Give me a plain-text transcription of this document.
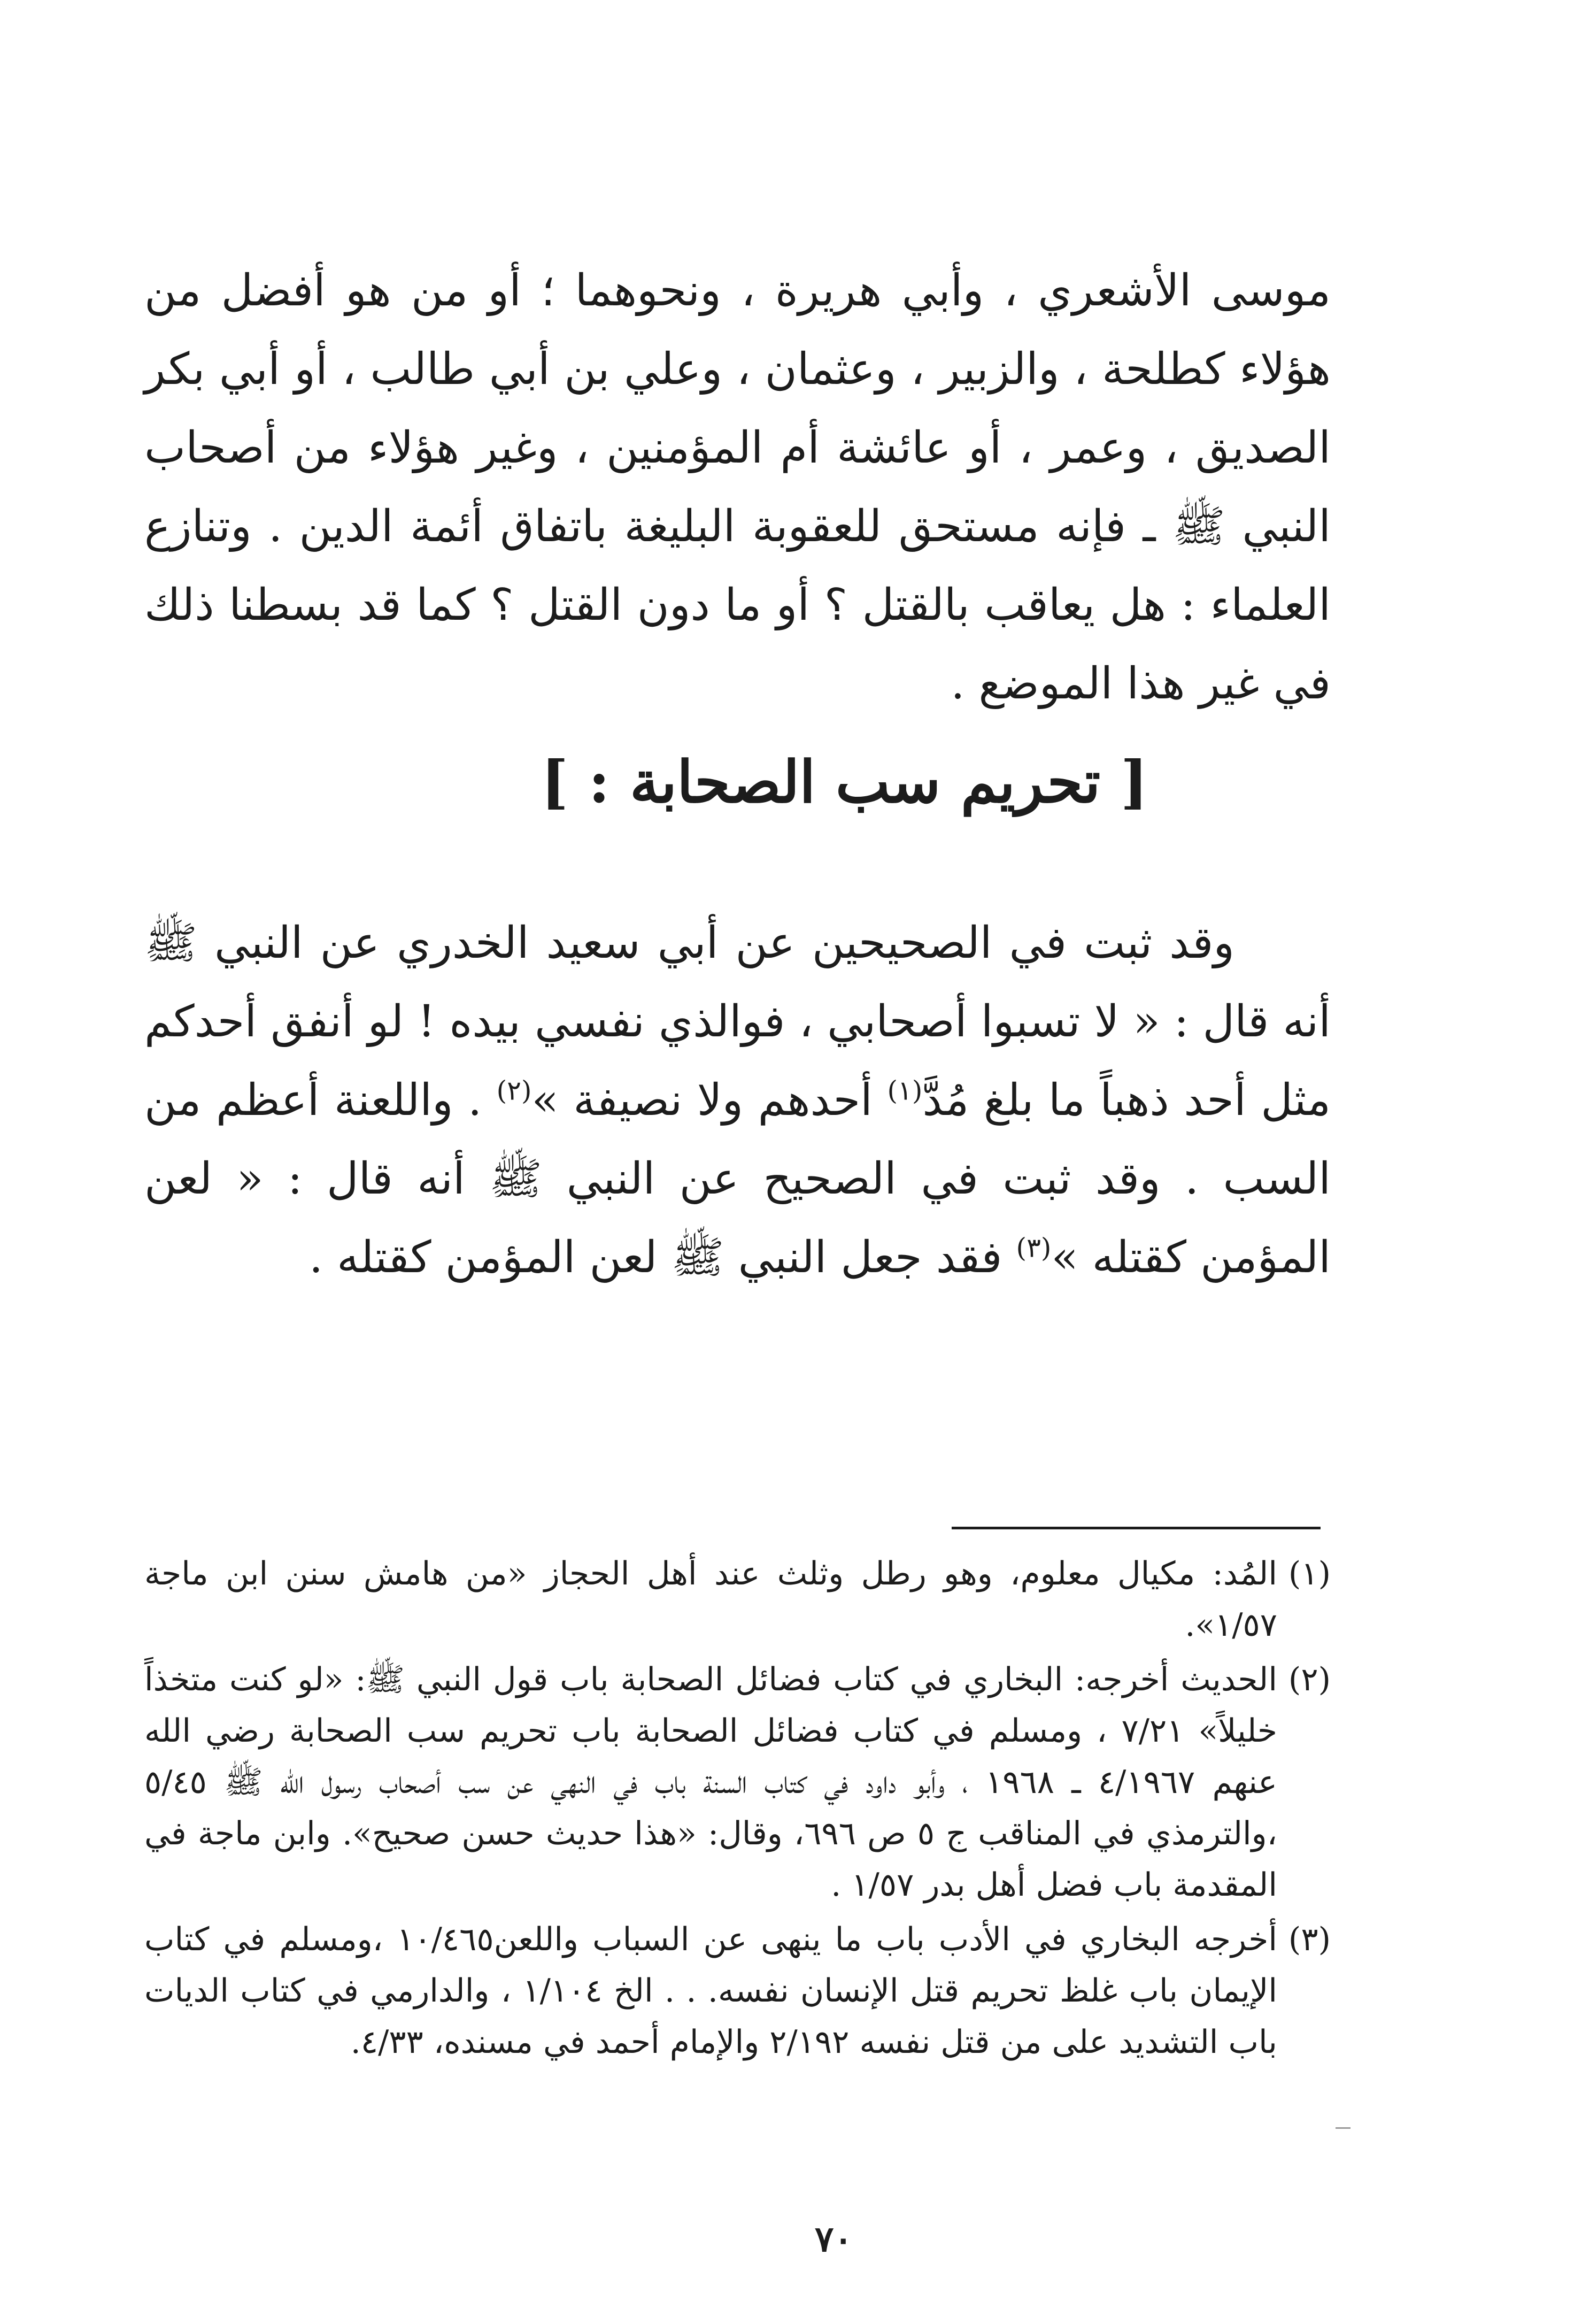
موسى الأشعري ، وأبي هريرة ، ونحوهما ؛ أو من هو أفضل من هؤلاء كطلحة ، والزبير ، وعثمان ، وعلي بن أبي طالب ، أو أبي بكر الصديق ، وعمر ، أو عائشة أم المؤمنين ، وغير هؤلاء من أصحاب النبي ﷺ ـ فإنه مستحق للعقوبة البليغة باتفاق أئمة الدين . وتنازع العلماء : هل يعاقب بالقتل ؟ أو ما دون القتل ؟ كما قد بسطنا ذلك في غير هذا الموضع .

[ تحريم سب الصحابة : ]

وقد ثبت في الصحيحين عن أبي سعيد الخدري عن النبي ﷺ أنه قال : « لا تسبوا أصحابي ، فوالذي نفسي بيده ! لو أنفق أحدكم مثل أحد ذهباً ما بلغ مُدَّ$^{(١)}$ أحدهم ولا نصيفة »$^{(٢)}$ . واللعنة أعظم من السب . وقد ثبت في الصحيح عن النبي ﷺ أنه قال : « لعن المؤمن كقتله »$^{(٣)}$ فقد جعل النبي ﷺ لعن المؤمن كقتله .

(١)
المُد: مكيال معلوم، وهو رطل وثلث عند أهل الحجاز «من هامش سنن ابن ماجة ١/٥٧».

(٢)
الحديث أخرجه: البخاري في كتاب فضائل الصحابة باب قول النبي ﷺ: «لو كنت متخذاً خليلاً» ٧/٢١ ، ومسلم في كتاب فضائل الصحابة باب تحريم سب الصحابة رضي الله عنهم ٤/١٩٦٧ ـ ١٩٦٨ ، وأبو داود في كتاب السنة باب في النهي عن سب أصحاب رسول الله ﷺ ٥/٤٥ ،والترمذي في المناقب ج ٥ ص ٦٩٦، وقال: «هذا حديث حسن صحيح». وابن ماجة في المقدمة باب فضل أهل بدر ١/٥٧ .

(٣)
أخرجه البخاري في الأدب باب ما ينهى عن السباب واللعن١٠/٤٦٥ ،ومسلم في كتاب الإيمان باب غلظ تحريم قتل الإنسان نفسه. . . الخ ١/١٠٤ ، والدارمي في كتاب الديات باب التشديد على من قتل نفسه ٢/١٩٢ والإمام أحمد في مسنده، ٤/٣٣.

٧٠
